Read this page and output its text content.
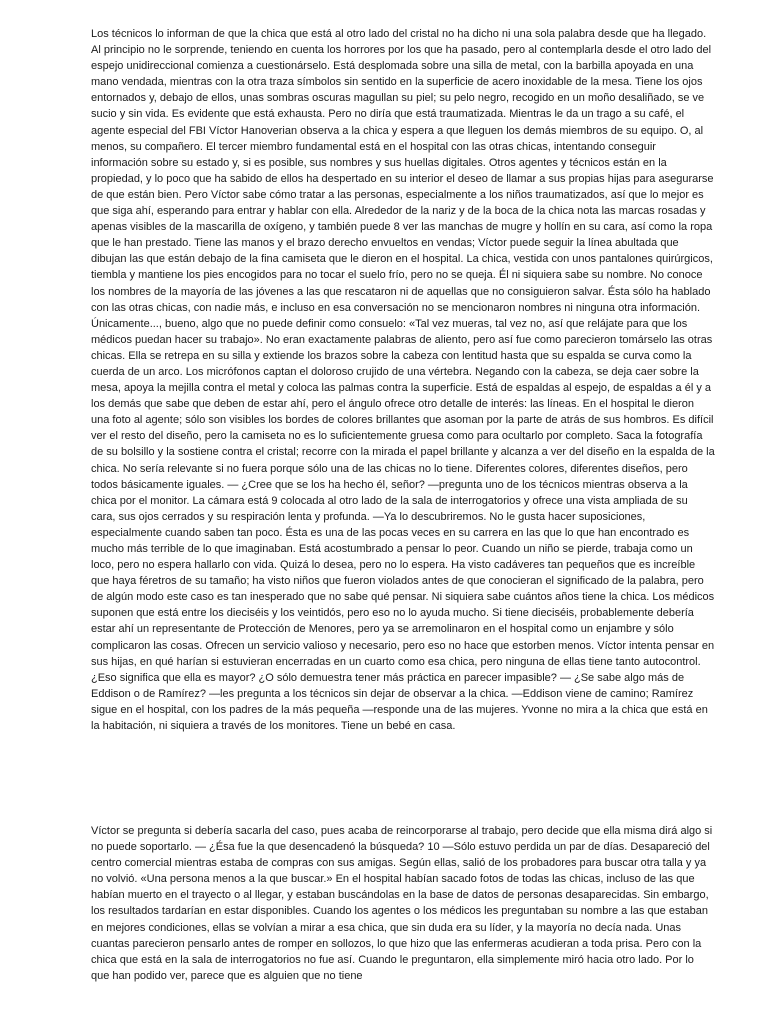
Los técnicos lo informan de que la chica que está al otro lado del cristal no ha dicho ni una sola palabra desde que ha llegado. Al principio no le sorprende, teniendo en cuenta los horrores por los que ha pasado, pero al contemplarla desde el otro lado del espejo unidireccional comienza a cuestionárselo. Está desplomada sobre una silla de metal, con la barbilla apoyada en una mano vendada, mientras con la otra traza símbolos sin sentido en la superficie de acero inoxidable de la mesa. Tiene los ojos entornados y, debajo de ellos, unas sombras oscuras magullan su piel; su pelo negro, recogido en un moño desaliñado, se ve sucio y sin vida. Es evidente que está exhausta. Pero no diría que está traumatizada. Mientras le da un trago a su café, el agente especial del FBI Víctor Hanoverian observa a la chica y espera a que lleguen los demás miembros de su equipo. O, al menos, su compañero. El tercer miembro fundamental está en el hospital con las otras chicas, intentando conseguir información sobre su estado y, si es posible, sus nombres y sus huellas digitales. Otros agentes y técnicos están en la propiedad, y lo poco que ha sabido de ellos ha despertado en su interior el deseo de llamar a sus propias hijas para asegurarse de que están bien. Pero Víctor sabe cómo tratar a las personas, especialmente a los niños traumatizados, así que lo mejor es que siga ahí, esperando para entrar y hablar con ella. Alrededor de la nariz y de la boca de la chica nota las marcas rosadas y apenas visibles de la mascarilla de oxígeno, y también puede 8 ver las manchas de mugre y hollín en su cara, así como la ropa que le han prestado. Tiene las manos y el brazo derecho envueltos en vendas; Víctor puede seguir la línea abultada que dibujan las que están debajo de la fina camiseta que le dieron en el hospital. La chica, vestida con unos pantalones quirúrgicos, tiembla y mantiene los pies encogidos para no tocar el suelo frío, pero no se queja. Él ni siquiera sabe su nombre. No conoce los nombres de la mayoría de las jóvenes a las que rescataron ni de aquellas que no consiguieron salvar. Ésta sólo ha hablado con las otras chicas, con nadie más, e incluso en esa conversación no se mencionaron nombres ni ninguna otra información. Únicamente..., bueno, algo que no puede definir como consuelo: «Tal vez mueras, tal vez no, así que relájate para que los médicos puedan hacer su trabajo». No eran exactamente palabras de aliento, pero así fue como parecieron tomárselo las otras chicas. Ella se retrepa en su silla y extiende los brazos sobre la cabeza con lentitud hasta que su espalda se curva como la cuerda de un arco. Los micrófonos captan el doloroso crujido de una vértebra. Negando con la cabeza, se deja caer sobre la mesa, apoya la mejilla contra el metal y coloca las palmas contra la superficie. Está de espaldas al espejo, de espaldas a él y a los demás que sabe que deben de estar ahí, pero el ángulo ofrece otro detalle de interés: las líneas. En el hospital le dieron una foto al agente; sólo son visibles los bordes de colores brillantes que asoman por la parte de atrás de sus hombros. Es difícil ver el resto del diseño, pero la camiseta no es lo suficientemente gruesa como para ocultarlo por completo. Saca la fotografía de su bolsillo y la sostiene contra el cristal; recorre con la mirada el papel brillante y alcanza a ver del diseño en la espalda de la chica. No sería relevante si no fuera porque sólo una de las chicas no lo tiene. Diferentes colores, diferentes diseños, pero todos básicamente iguales. — ¿Cree que se los ha hecho él, señor? —pregunta uno de los técnicos mientras observa a la chica por el monitor. La cámara está 9 colocada al otro lado de la sala de interrogatorios y ofrece una vista ampliada de su cara, sus ojos cerrados y su respiración lenta y profunda. —Ya lo descubriremos. No le gusta hacer suposiciones, especialmente cuando saben tan poco. Ésta es una de las pocas veces en su carrera en las que lo que han encontrado es mucho más terrible de lo que imaginaban. Está acostumbrado a pensar lo peor. Cuando un niño se pierde, trabaja como un loco, pero no espera hallarlo con vida. Quizá lo desea, pero no lo espera. Ha visto cadáveres tan pequeños que es increíble que haya féretros de su tamaño; ha visto niños que fueron violados antes de que conocieran el significado de la palabra, pero de algún modo este caso es tan inesperado que no sabe qué pensar. Ni siquiera sabe cuántos años tiene la chica. Los médicos suponen que está entre los dieciséis y los veintidós, pero eso no lo ayuda mucho. Si tiene dieciséis, probablemente debería estar ahí un representante de Protección de Menores, pero ya se arremolinaron en el hospital como un enjambre y sólo complicaron las cosas. Ofrecen un servicio valioso y necesario, pero eso no hace que estorben menos. Víctor intenta pensar en sus hijas, en qué harían si estuvieran encerradas en un cuarto como esa chica, pero ninguna de ellas tiene tanto autocontrol. ¿Eso significa que ella es mayor? ¿O sólo demuestra tener más práctica en parecer impasible? — ¿Se sabe algo más de Eddison o de Ramírez? —les pregunta a los técnicos sin dejar de observar a la chica. —Eddison viene de camino; Ramírez sigue en el hospital, con los padres de la más pequeña —responde una de las mujeres. Yvonne no mira a la chica que está en la habitación, ni siquiera a través de los monitores. Tiene un bebé en casa.

Víctor se pregunta si debería sacarla del caso, pues acaba de reincorporarse al trabajo, pero decide que ella misma dirá algo si no puede soportarlo. — ¿Ésa fue la que desencadenó la búsqueda? 10 —Sólo estuvo perdida un par de días. Desapareció del centro comercial mientras estaba de compras con sus amigas. Según ellas, salió de los probadores para buscar otra talla y ya no volvió. «Una persona menos a la que buscar.» En el hospital habían sacado fotos de todas las chicas, incluso de las que habían muerto en el trayecto o al llegar, y estaban buscándolas en la base de datos de personas desaparecidas. Sin embargo, los resultados tardarían en estar disponibles. Cuando los agentes o los médicos les preguntaban su nombre a las que estaban en mejores condiciones, ellas se volvían a mirar a esa chica, que sin duda era su líder, y la mayoría no decía nada. Unas cuantas parecieron pensarlo antes de romper en sollozos, lo que hizo que las enfermeras acudieran a toda prisa. Pero con la chica que está en la sala de interrogatorios no fue así. Cuando le preguntaron, ella simplemente miró hacia otro lado. Por lo que han podido ver, parece que es alguien que no tiene
